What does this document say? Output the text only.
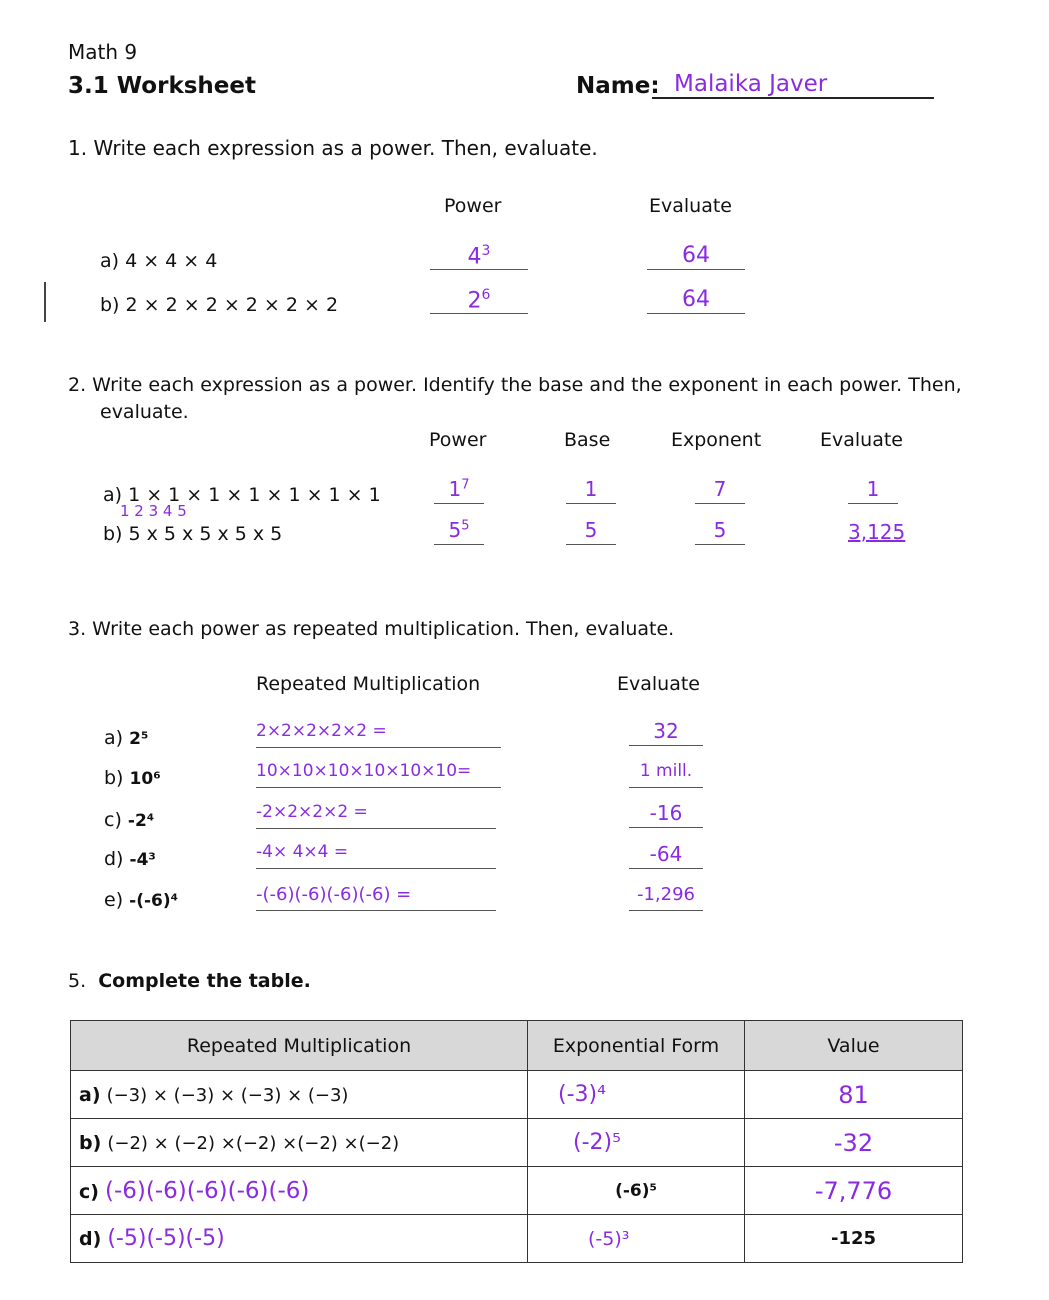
Math 9
3.1 Worksheet	Name: Malaika Javer
1. Write each expression as a power. Then, evaluate.
Power	Evaluate
a) 4 × 4 × 4	$4^3$	64
b) 2 × 2 × 2 × 2 × 2 × 2	$2^6$	64
2. Write each expression as a power. Identify the base and the exponent in each power. Then,
evaluate.
Power	Base	Exponent	Evaluate
a) 1 × 1 × 1 × 1 × 1 × 1 × 1	$1^7$	1	7	1
1 2 3 4 5
b) 5 x 5 x 5 x 5 x 5	$5^5$	5	5	3,125
3. Write each power as repeated multiplication. Then, evaluate.
Repeated Multiplication	Evaluate
a) 2⁵	2×2×2×2×2 =	32
b) 10⁶	10×10×10×10×10×10=	1 mill.
c) -2⁴	-2×2×2×2 =	-16
d) -4³	-4× 4×4 =	-64
e) -(-6)⁴	-(-6)(-6)(-6)(-6) =	-1,296
5. Complete the table.
Repeated Multiplication	Exponential Form	Value
a) (−3) × (−3) × (−3) × (−3)	(-3)⁴	81
b) (−2) × (−2) ×(−2) ×(−2) ×(−2)	(-2)⁵	-32
c) (-6)(-6)(-6)(-6)(-6)	(-6)⁵	-7,776
d) (-5)(-5)(-5)	(-5)³	-125
